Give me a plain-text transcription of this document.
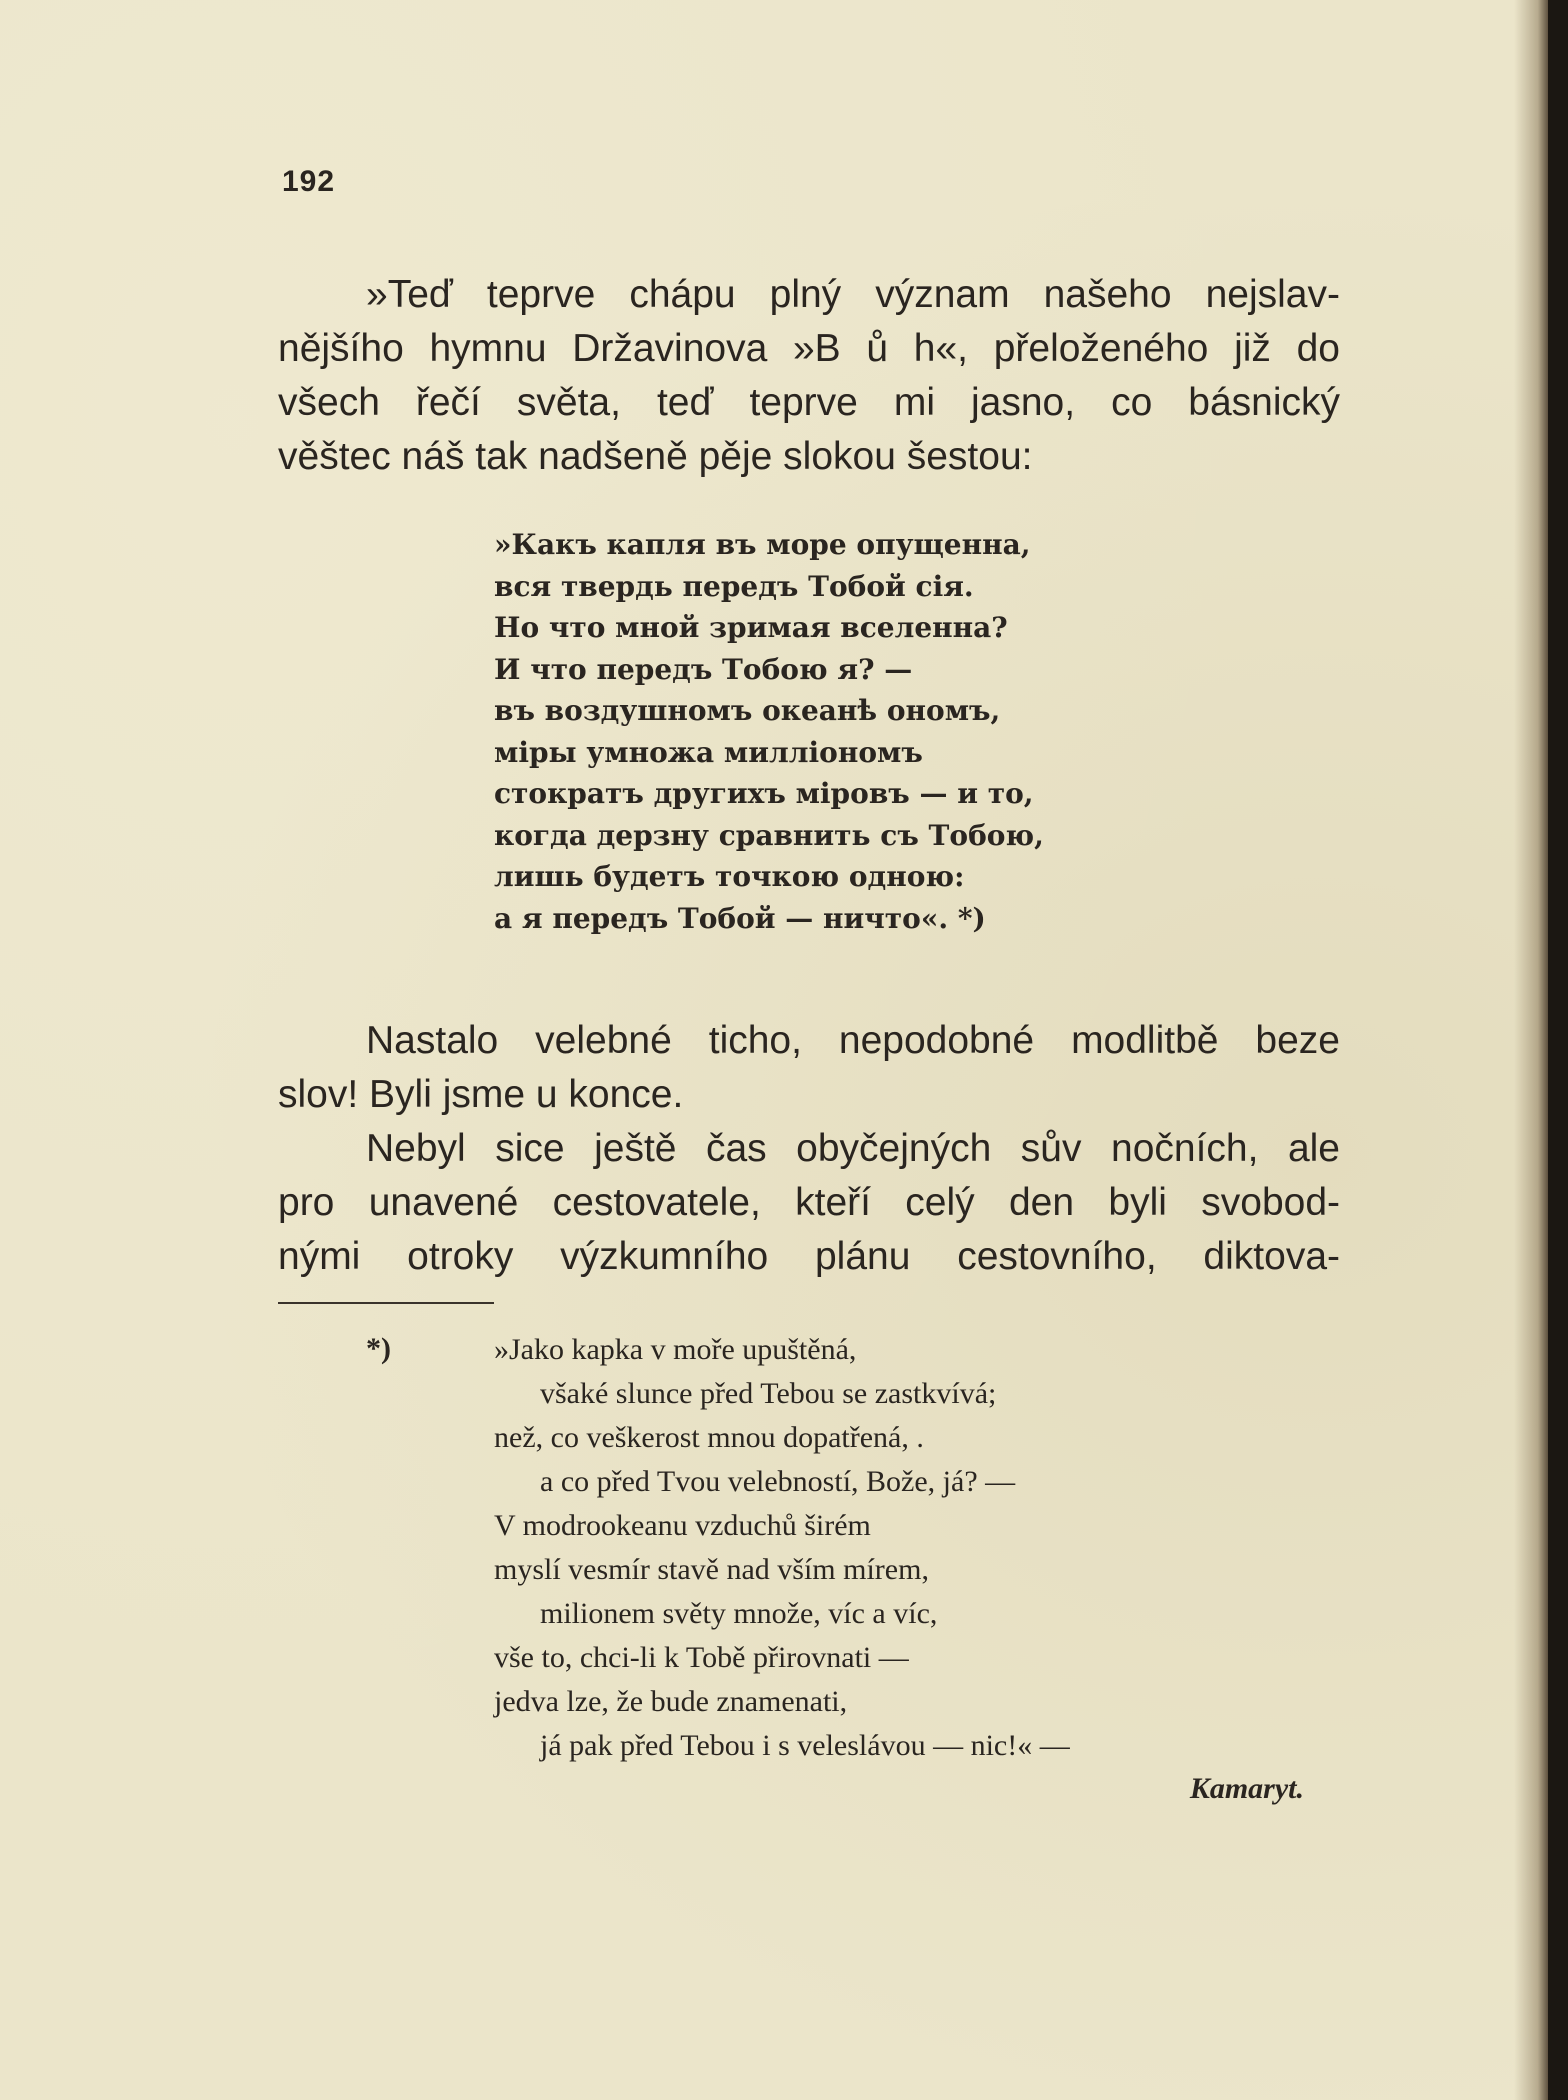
192
»Teď teprve chápu plný význam našeho nejslav-
nějšího hymnu Državinova »B ů h«, přeloženého již do
všech řečí světa, teď teprve mi jasno, co básnický
věštec náš tak nadšeně pěje slokou šestou:
»Какъ капля въ море опущенна,
вся твердь передъ Тобой сія.
Но что мной зримая вселенна?
И что передъ Тобою я? —
въ воздушномъ океанѣ ономъ,
міры умножа милліономъ
стократъ другихъ міровъ — и то,
когда дерзну сравнить съ Тобою,
лишь будетъ точкою одною:
а я передъ Тобой — ничто«. *)
Nastalo velebné ticho, nepodobné modlitbě beze
slov! Byli jsme u konce.
Nebyl sice ještě čas obyčejných sův nočních, ale
pro unavené cestovatele, kteří celý den byli svobod-
nými otroky výzkumního plánu cestovního, diktova-
*)	»Jako kapka v moře upuštěná,
všaké slunce před Tebou se zastkvívá;
než, co veškerost mnou dopatřená, .
a co před Tvou velebností, Bože, já? —
V modrookeanu vzduchů širém
myslí vesmír stavě nad vším mírem,
milionem světy množe, víc a víc,
vše to, chci-li k Tobě přirovnati —
jedva lze, že bude znamenati,
já pak před Tebou i s veleslávou — nic!« —
Kamaryt.
